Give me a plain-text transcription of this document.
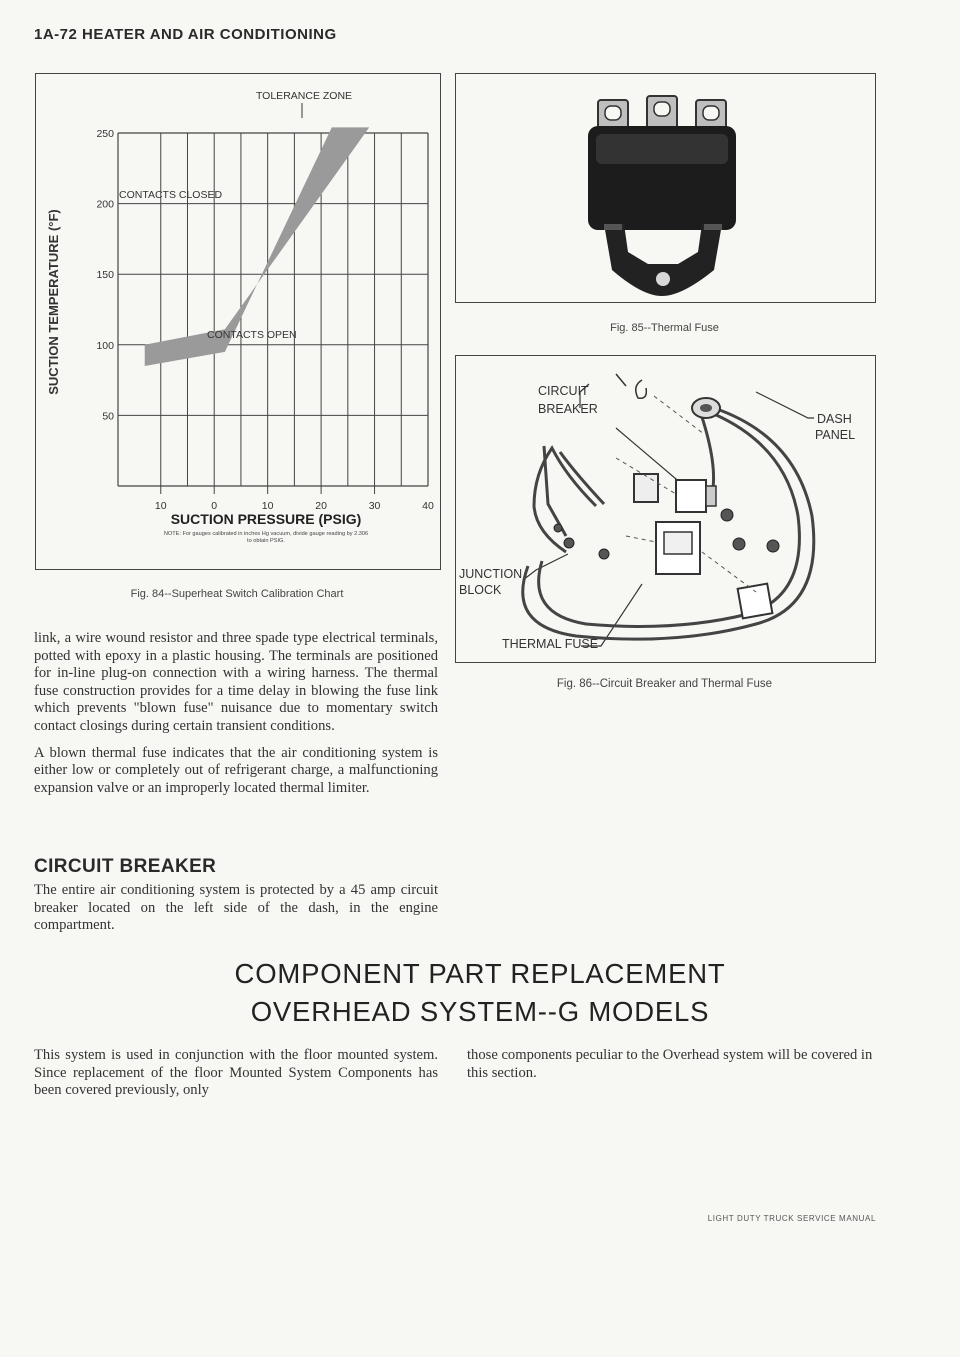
1A-72 HEATER AND AIR CONDITIONING
250
200
150
100
50
10	0	10	20	30	40
TOLERANCE ZONE
CONTACTS CLOSED
CONTACTS OPEN
SUCTION TEMPERATURE (°F)
SUCTION PRESSURE (PSIG)
NOTE: For gauges calibrated in inches Hg vacuum, divide gauge reading by 2.306 to obtain PSIG.
Fig. 84--Superheat Switch Calibration Chart
Fig. 85--Thermal Fuse
CIRCUIT
BREAKER
DASH
PANEL
JUNCTION
BLOCK
THERMAL FUSE
Fig. 86--Circuit Breaker and Thermal Fuse

link, a wire wound resistor and three spade type electrical terminals, potted with epoxy in a plastic housing. The terminals are positioned for in-line plug-on connection with a wiring harness. The thermal fuse construction provides for a time delay in blowing the fuse link which prevents "blown fuse" nuisance due to momentary switch contact closings during certain transient conditions.

A blown thermal fuse indicates that the air conditioning system is either low or completely out of refrigerant charge, a malfunctioning expansion valve or an improperly located thermal limiter.

CIRCUIT BREAKER
The entire air conditioning system is protected by a 45 amp circuit breaker located on the left side of the dash, in the engine compartment.
COMPONENT PART REPLACEMENT
OVERHEAD SYSTEM--G MODELS
This system is used in conjunction with the floor mounted system. Since replacement of the floor Mounted System Components has been covered previously, only
those components peculiar to the Overhead system will be covered in this section.
LIGHT DUTY TRUCK SERVICE MANUAL
